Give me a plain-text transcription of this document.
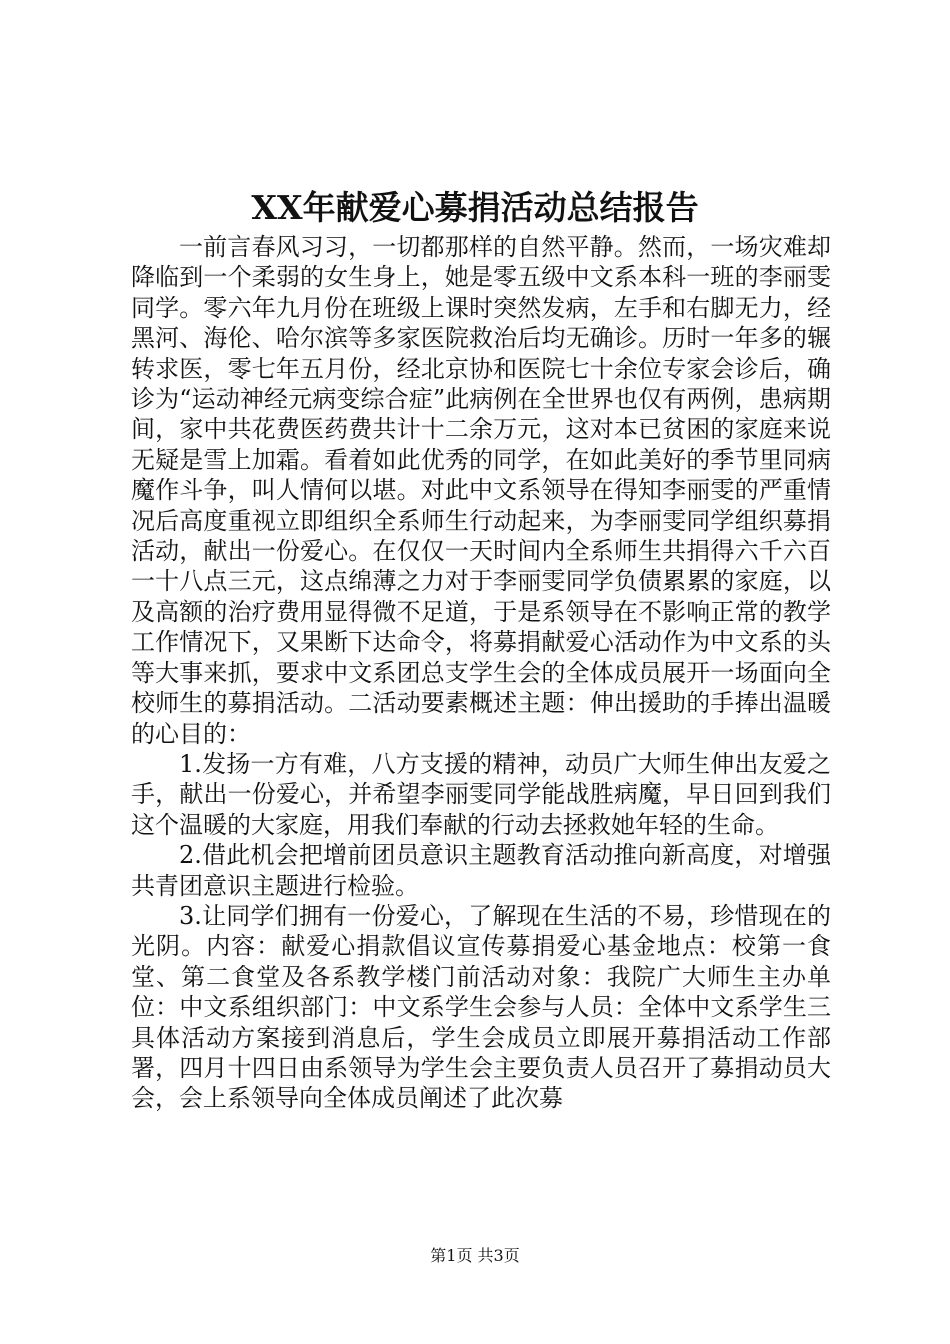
XX年献爱心募捐活动总结报告

一前言春风习习，一切都那样的自然平静。然而，一场灾难却降临到一个柔弱的女生身上，她是零五级中文系本科一班的李丽雯同学。零六年九月份在班级上课时突然发病，左手和右脚无力，经黑河、海伦、哈尔滨等多家医院救治后均无确诊。历时一年多的辗转求医，零七年五月份，经北京协和医院七十余位专家会诊后，确诊为“运动神经元病变综合症”此病例在全世界也仅有两例，患病期间，家中共花费医药费共计十二余万元，这对本已贫困的家庭来说无疑是雪上加霜。看着如此优秀的同学，在如此美好的季节里同病魔作斗争，叫人情何以堪。对此中文系领导在得知李丽雯的严重情况后高度重视立即组织全系师生行动起来，为李丽雯同学组织募捐活动，献出一份爱心。在仅仅一天时间内全系师生共捐得六千六百一十八点三元，这点绵薄之力对于李丽雯同学负债累累的家庭，以及高额的治疗费用显得微不足道，于是系领导在不影响正常的教学工作情况下，又果断下达命令，将募捐献爱心活动作为中文系的头等大事来抓，要求中文系团总支学生会的全体成员展开一场面向全校师生的募捐活动。二活动要素概述主题：伸出援助的手捧出温暖的心目的：

1.发扬一方有难，八方支援的精神，动员广大师生伸出友爱之手，献出一份爱心，并希望李丽雯同学能战胜病魔，早日回到我们这个温暖的大家庭，用我们奉献的行动去拯救她年轻的生命。

2.借此机会把增前团员意识主题教育活动推向新高度，对增强共青团意识主题进行检验。

3.让同学们拥有一份爱心，了解现在生活的不易，珍惜现在的光阴。内容：献爱心捐款倡议宣传募捐爱心基金地点：校第一食堂、第二食堂及各系教学楼门前活动对象：我院广大师生主办单位：中文系组织部门：中文系学生会参与人员：全体中文系学生三具体活动方案接到消息后，学生会成员立即展开募捐活动工作部署，四月十四日由系领导为学生会主要负责人员召开了募捐动员大会，会上系领导向全体成员阐述了此次募

第1页 共3页
